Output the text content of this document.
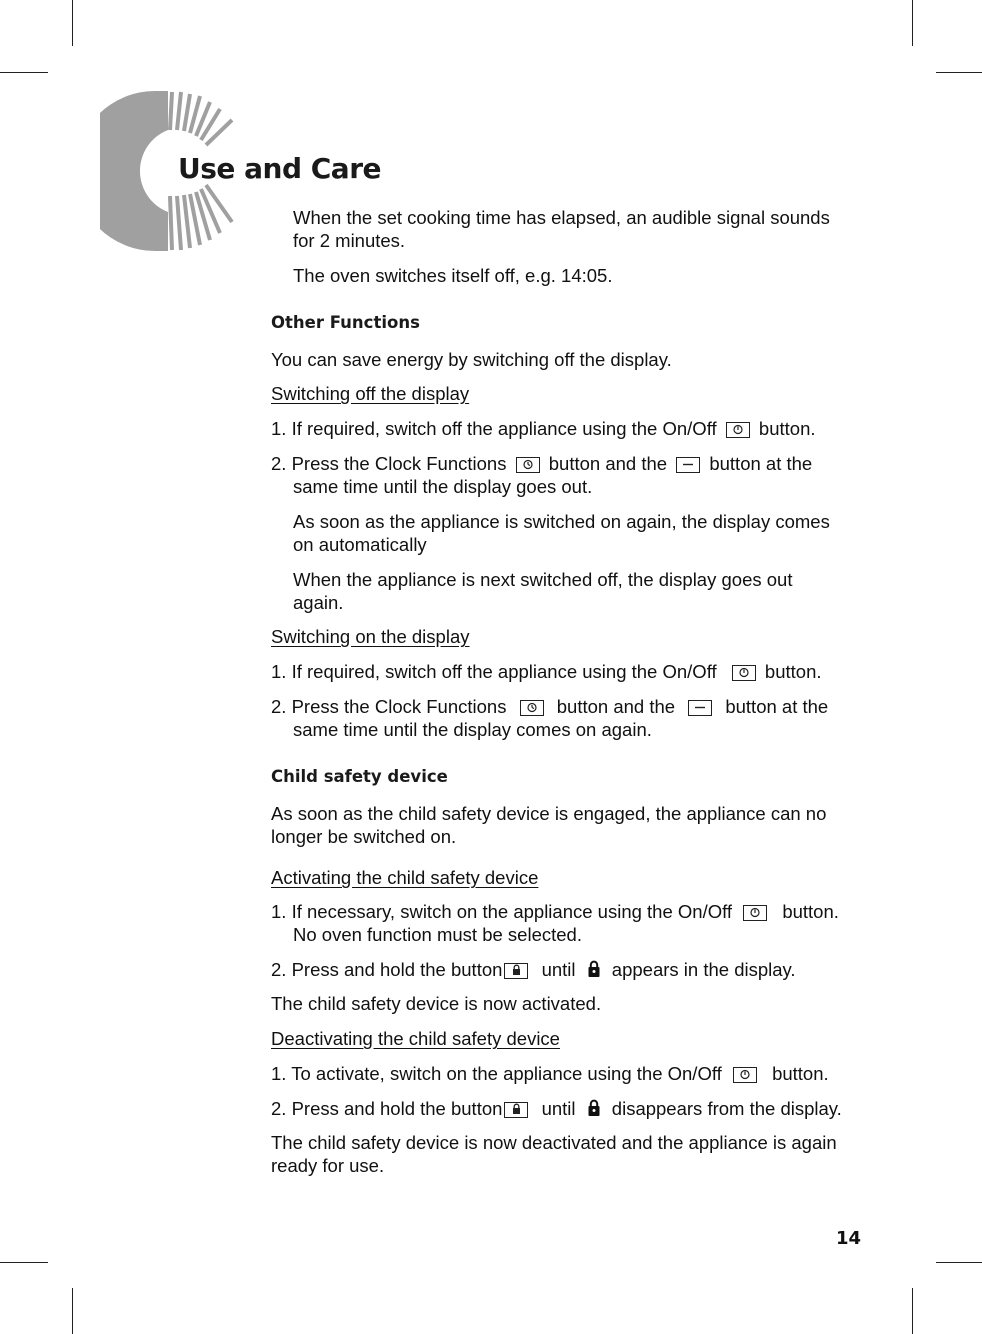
Use and Care

When the set cooking time has elapsed, an audible signal sounds

for 2 minutes.

The oven switches itself off, e.g. 14:05.

Other Functions

You can save energy by switching off the display.

Switching off the display

1. If required, switch off the appliance using the On/Off button.

2. Press the Clock Functions button and the button at the

same time until the display goes out.

As soon as the appliance is switched on again, the display comes

on automatically

When the appliance is next switched off, the display goes out

again.

Switching on the display

1. If required, switch off the appliance using the On/Off	button.

2. Press the Clock Functions	button and the	button at the

same time until the display comes on again.

Child safety device

As soon as the child safety device is engaged, the appliance can no

longer be switched on.

Activating the child safety device

1. If necessary, switch on the appliance using the On/Off	button.

No oven function must be selected.

2. Press and hold the button until appears in the display.

The child safety device is now activated.

Deactivating the child safety device

1. To activate, switch on the appliance using the On/Off	button.

2. Press and hold the button until disappears from the display.

The child safety device is now deactivated and the appliance is again

ready for use.

14
